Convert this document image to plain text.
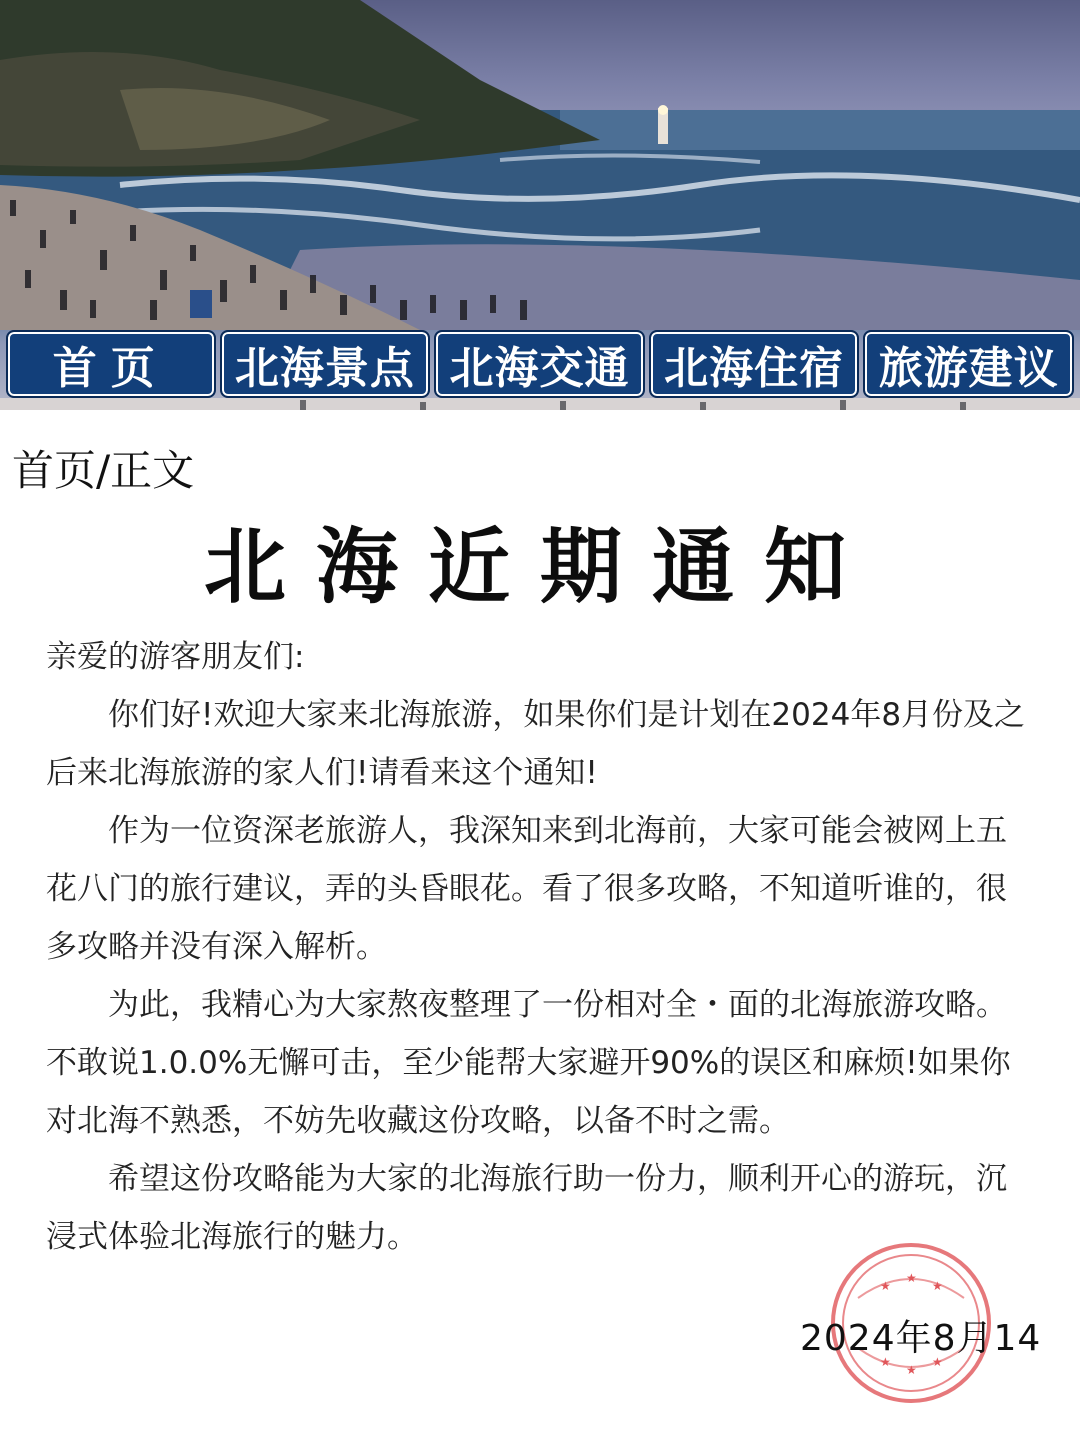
首页	北海景点 北海交通 北海住宿 旅游建议
首页/正文
北海近期通知

亲爱的游客朋友们:

你们好!欢迎大家来北海旅游，如果你们是计划在2024年8月份及之后来北海旅游的家人们!请看来这个通知!

作为一位资深老旅游人，我深知来到北海前，大家可能会被网上五花八门的旅行建议，弄的头昏眼花。看了很多攻略，不知道听谁的，很多攻略并没有深入解析。

为此，我精心为大家熬夜整理了一份相对全・面的北海旅游攻略。不敢说1.0.0%无懈可击，至少能帮大家避开90%的误区和麻烦!如果你对北海不熟悉，不妨先收藏这份攻略，以备不时之需。

希望这份攻略能为大家的北海旅行助一份力，顺利开心的游玩，沉浸式体验北海旅行的魅力。

★
★
★
★
★
★
2024年8月14
